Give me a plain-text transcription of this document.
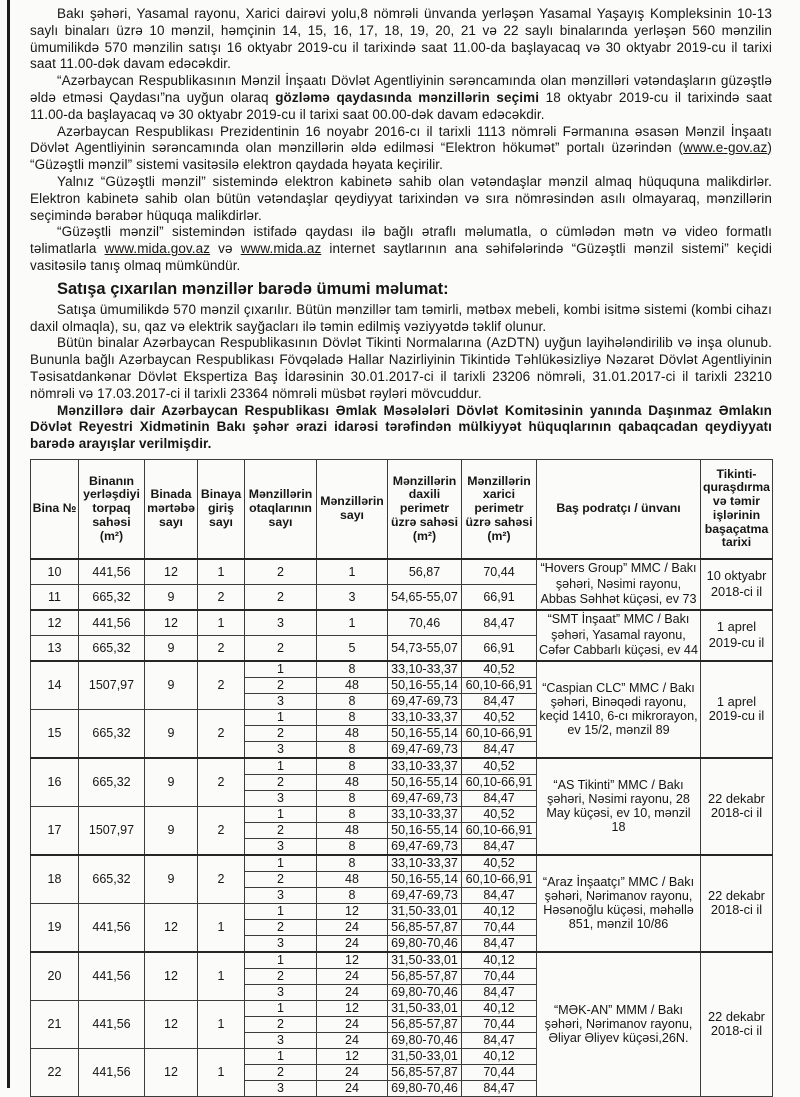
Bakı şəhəri, Yasamal rayonu, Xarici dairəvi yolu,8 nömrəli ünvanda yerləşən Yasamal Yaşayış Kompleksinin 10-13 saylı binaları üzrə 10 mənzil, həmçinin 14, 15, 16, 17, 18, 19, 20, 21 və 22 saylı binalarında yerləşən 560 mənzilin ümumilikdə 570 mənzilin satışı 16 oktyabr 2019-cu il tarixində saat 11.00-da başlayacaq və 30 oktyabr 2019-cu il tarixi saat 11.00-dək davam edəcəkdir.

“Azərbaycan Respublikasının Mənzil İnşaatı Dövlət Agentliyinin sərəncamında olan mənzilləri vətəndaşların güzəştlə əldə etməsi Qaydası”na uyğun olaraq gözləmə qaydasında mənzillərin seçimi 18 oktyabr 2019-cu il tarixində saat 11.00-da başlayacaq və 30 oktyabr 2019-cu il tarixi saat 00.00-dək davam edəcəkdir.

Azərbaycan Respublikası Prezidentinin 16 noyabr 2016-cı il tarixli 1113 nömrəli Fərmanına əsasən Mənzil İnşaatı Dövlət Agentliyinin sərəncamında olan mənzillərin əldə edilməsi “Elektron hökumət” portalı üzərindən (www.e-gov.az) “Güzəştli mənzil” sistemi vasitəsilə elektron qaydada həyata keçirilir.

Yalnız “Güzəştli mənzil” sistemində elektron kabinetə sahib olan vətəndaşlar mənzil almaq hüququna malikdirlər. Elektron kabinetə sahib olan bütün vətəndaşlar qeydiyyat tarixindən və sıra nömrəsindən asılı olmayaraq, mənzillərin seçimində bərabər hüquqa malikdirlər.

“Güzəştli mənzil” sistemindən istifadə qaydası ilə bağlı ətraflı məlumatla, o cümlədən mətn və video formatlı təlimatlarla www.mida.gov.az və www.mida.az internet saytlarının ana səhifələrində “Güzəştli mənzil sistemi” keçidi vasitəsilə tanış olmaq mümkündür.

Satışa çıxarılan mənzillər barədə ümumi məlumat:

Satışa ümumilikdə 570 mənzil çıxarılır. Bütün mənzillər tam təmirli, mətbəx mebeli, kombi isitmə sistemi (kombi cihazı daxil olmaqla), su, qaz və elektrik sayğacları ilə təmin edilmiş vəziyyətdə təklif olunur.

Bütün binalar Azərbaycan Respublikasının Dövlət Tikinti Normalarına (AzDTN) uyğun layihələndirilib və inşa olunub. Bununla bağlı Azərbaycan Respublikası Fövqəladə Hallar Nazirliyinin Tikintidə Təhlükəsizliyə Nəzarət Dövlət Agentliyinin Təsisatdankənar Dövlət Ekspertiza Baş İdarəsinin 30.01.2017-ci il tarixli 23206 nömrəli, 31.01.2017-ci il tarixli 23210 nömrəli və 17.03.2017-ci il tarixli 23364 nömrəli müsbət rəyləri mövcuddur.

Mənzillərə dair Azərbaycan Respublikası Əmlak Məsələləri Dövlət Komitəsinin yanında Daşınmaz Əmlakın Dövlət Reyestri Xidmətinin Bakı şəhər ərazi idarəsi tərəfindən mülkiyyət hüquqlarının qabaqcadan qeydiyyatı barədə arayışlar verilmişdir.

Bina №	Binanın yerləşdiyi torpaq sahəsi (m²)	Binada mərtəbə sayı	Binaya giriş sayı	Mənzillərin otaqlarının sayı	Mənzillərin sayı	Mənzillərin daxili perimetr üzrə sahəsi (m²)	Mənzillərin xarici perimetr üzrə sahəsi (m²)	Baş podratçı / ünvanı	Tikinti-quraşdırma və təmir işlərinin başaçatma tarixi
10	441,56	12	1	2	1	56,87	70,44	“Hovers Group” MMC / Bakı şəhəri, Nəsimi rayonu, Abbas Səhhət küçəsi, ev 73	10 oktyabr 2018-ci il
11	665,32	9	2	2	3	54,65-55,07	66,91		
12	441,56	12	1	3	1	70,46	84,47	“SMT İnşaat” MMC / Bakı şəhəri, Yasamal rayonu, Cəfər Cabbarlı küçəsi, ev 44	1 aprel 2019-cu il
13	665,32	9	2	2	5	54,73-55,07	66,91		
14	1507,97	9	2	1	8	33,10-33,37	40,52	“Caspian CLC” MMC / Bakı şəhəri, Binəqədi rayonu, keçid 1410, 6-cı mikrorayon, ev 15/2, mənzil 89	1 aprel 2019-cu il
				2	48	50,16-55,14	60,10-66,91		
				3	8	69,47-69,73	84,47		
15	665,32	9	2	1	8	33,10-33,37	40,52		
				2	48	50,16-55,14	60,10-66,91		
				3	8	69,47-69,73	84,47		
16	665,32	9	2	1	8	33,10-33,37	40,52	“AS Tikinti” MMC / Bakı şəhəri, Nəsimi rayonu, 28 May küçəsi, ev 10, mənzil 18	22 dekabr 2018-ci il
				2	48	50,16-55,14	60,10-66,91		
				3	8	69,47-69,73	84,47		
17	1507,97	9	2	1	8	33,10-33,37	40,52		
				2	48	50,16-55,14	60,10-66,91		
				3	8	69,47-69,73	84,47		
18	665,32	9	2	1	8	33,10-33,37	40,52	“Araz İnşaatçı” MMC / Bakı şəhəri, Nərimanov rayonu, Həsənoğlu küçəsi, məhəllə 851, mənzil 10/86	22 dekabr 2018-ci il
				2	48	50,16-55,14	60,10-66,91		
				3	8	69,47-69,73	84,47		
19	441,56	12	1	1	12	31,50-33,01	40,12		
				2	24	56,85-57,87	70,44		
				3	24	69,80-70,46	84,47		
20	441,56	12	1	1	12	31,50-33,01	40,12	“MƏK-AN” MMM / Bakı şəhəri, Nərimanov rayonu, Əliyar Əliyev küçəsi,26N.	22 dekabr 2018-ci il
				2	24	56,85-57,87	70,44		
				3	24	69,80-70,46	84,47		
21	441,56	12	1	1	12	31,50-33,01	40,12		
				2	24	56,85-57,87	70,44		
				3	24	69,80-70,46	84,47		
22	441,56	12	1	1	12	31,50-33,01	40,12		
				2	24	56,85-57,87	70,44		
				3	24	69,80-70,46	84,47		
